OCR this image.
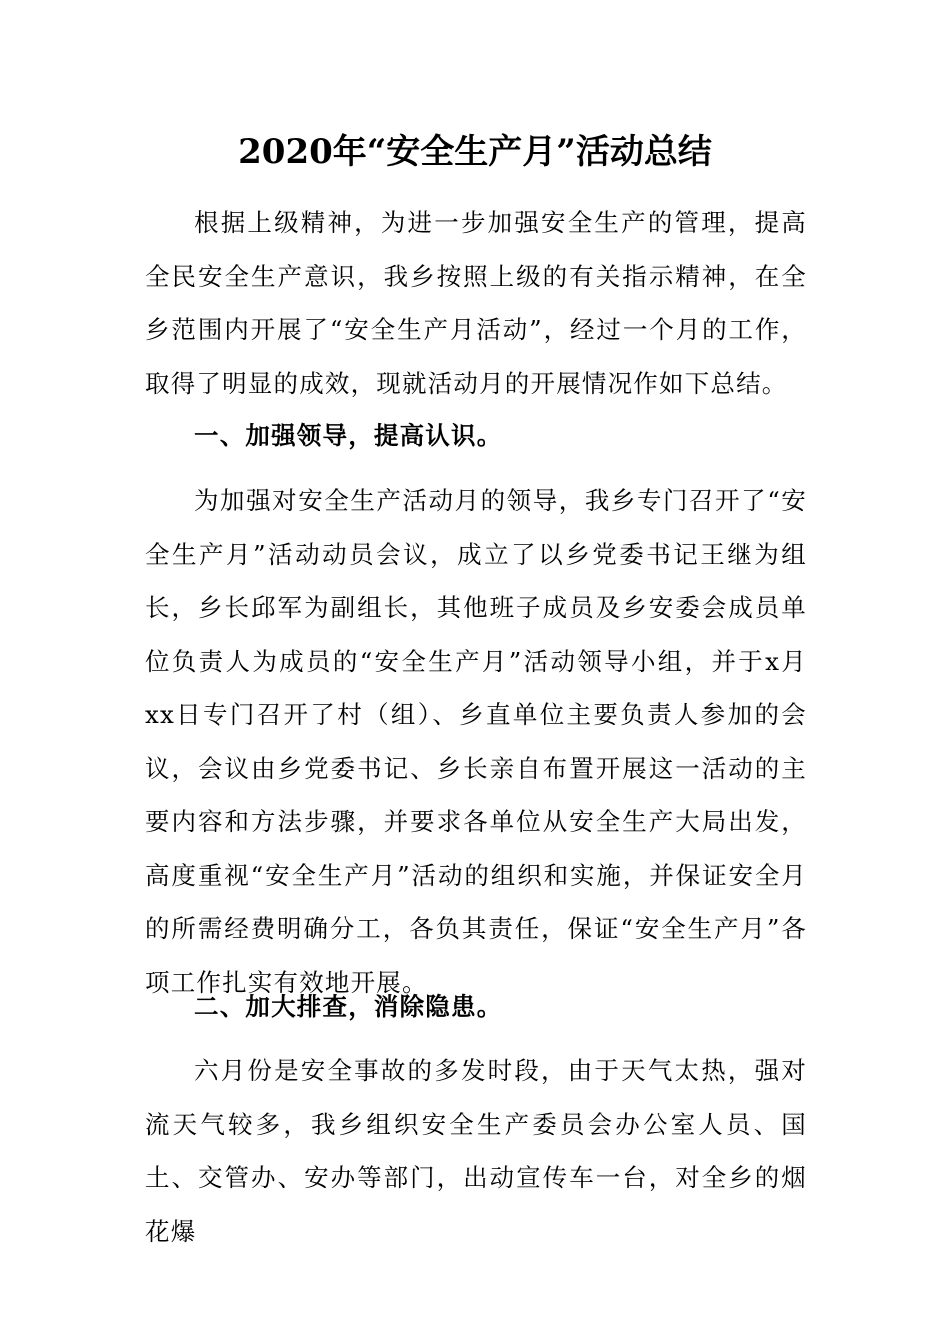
2020年“安全生产月”活动总结

根据上级精神，为进一步加强安全生产的管理，提高全民安全生产意识，我乡按照上级的有关指示精神，在全乡范围内开展了“安全生产月活动”，经过一个月的工作，取得了明显的成效，现就活动月的开展情况作如下总结。

一、加强领导，提高认识。

为加强对安全生产活动月的领导，我乡专门召开了“安全生产月”活动动员会议，成立了以乡党委书记王继为组长，乡长邱军为副组长，其他班子成员及乡安委会成员单位负责人为成员的“安全生产月”活动领导小组，并于x月xx日专门召开了村（组）、乡直单位主要负责人参加的会议，会议由乡党委书记、乡长亲自布置开展这一活动的主要内容和方法步骤，并要求各单位从安全生产大局出发，高度重视“安全生产月”活动的组织和实施，并保证安全月的所需经费明确分工，各负其责任，保证“安全生产月”各项工作扎实有效地开展。

二、加大排查，消除隐患。

六月份是安全事故的多发时段，由于天气太热，强对流天气较多，我乡组织安全生产委员会办公室人员、国土、交管办、安办等部门，出动宣传车一台，对全乡的烟花爆
